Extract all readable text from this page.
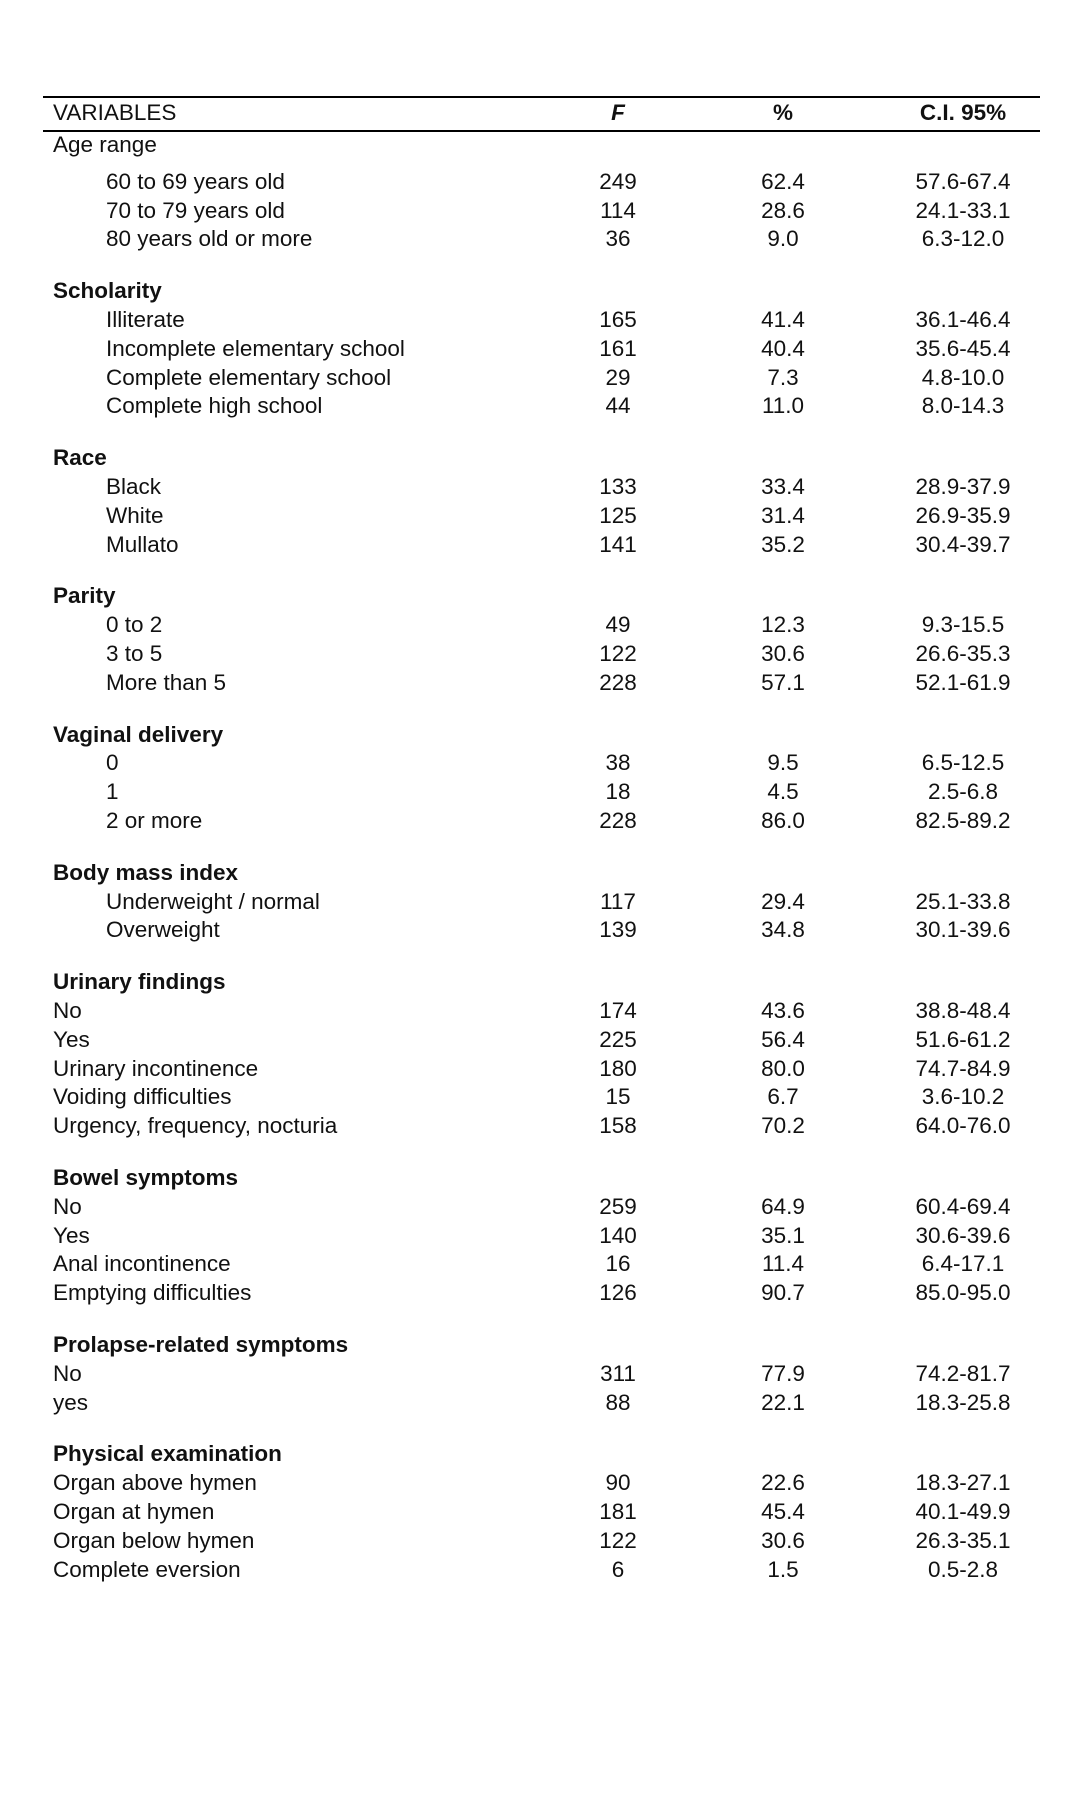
VARIABLES	F	%	C.I. 95%
Age range
60 to 69 years old	249	62.4	57.6-67.4
70 to 79 years old	114	28.6	24.1-33.1
80 years old or more	36	9.0	6.3-12.0
Scholarity
Illiterate	165	41.4	36.1-46.4
Incomplete elementary school	161	40.4	35.6-45.4
Complete elementary school	29	7.3	4.8-10.0
Complete high school	44	11.0	8.0-14.3
Race
Black	133	33.4	28.9-37.9
White	125	31.4	26.9-35.9
Mullato	141	35.2	30.4-39.7
Parity
0 to 2	49	12.3	9.3-15.5
3 to 5	122	30.6	26.6-35.3
More than 5	228	57.1	52.1-61.9
Vaginal delivery
0	38	9.5	6.5-12.5
1	18	4.5	2.5-6.8
2 or more	228	86.0	82.5-89.2
Body mass index
Underweight / normal	117	29.4	25.1-33.8
Overweight	139	34.8	30.1-39.6
Urinary findings
No	174	43.6	38.8-48.4
Yes	225	56.4	51.6-61.2
Urinary incontinence	180	80.0	74.7-84.9
Voiding difficulties	15	6.7	3.6-10.2
Urgency, frequency, nocturia	158	70.2	64.0-76.0
Bowel symptoms
No	259	64.9	60.4-69.4
Yes	140	35.1	30.6-39.6
Anal incontinence	16	11.4	6.4-17.1
Emptying difficulties	126	90.7	85.0-95.0
Prolapse-related symptoms
No	311	77.9	74.2-81.7
yes	88	22.1	18.3-25.8
Physical examination
Organ above hymen	90	22.6	18.3-27.1
Organ at hymen	181	45.4	40.1-49.9
Organ below hymen	122	30.6	26.3-35.1
Complete eversion	6	1.5	0.5-2.8
